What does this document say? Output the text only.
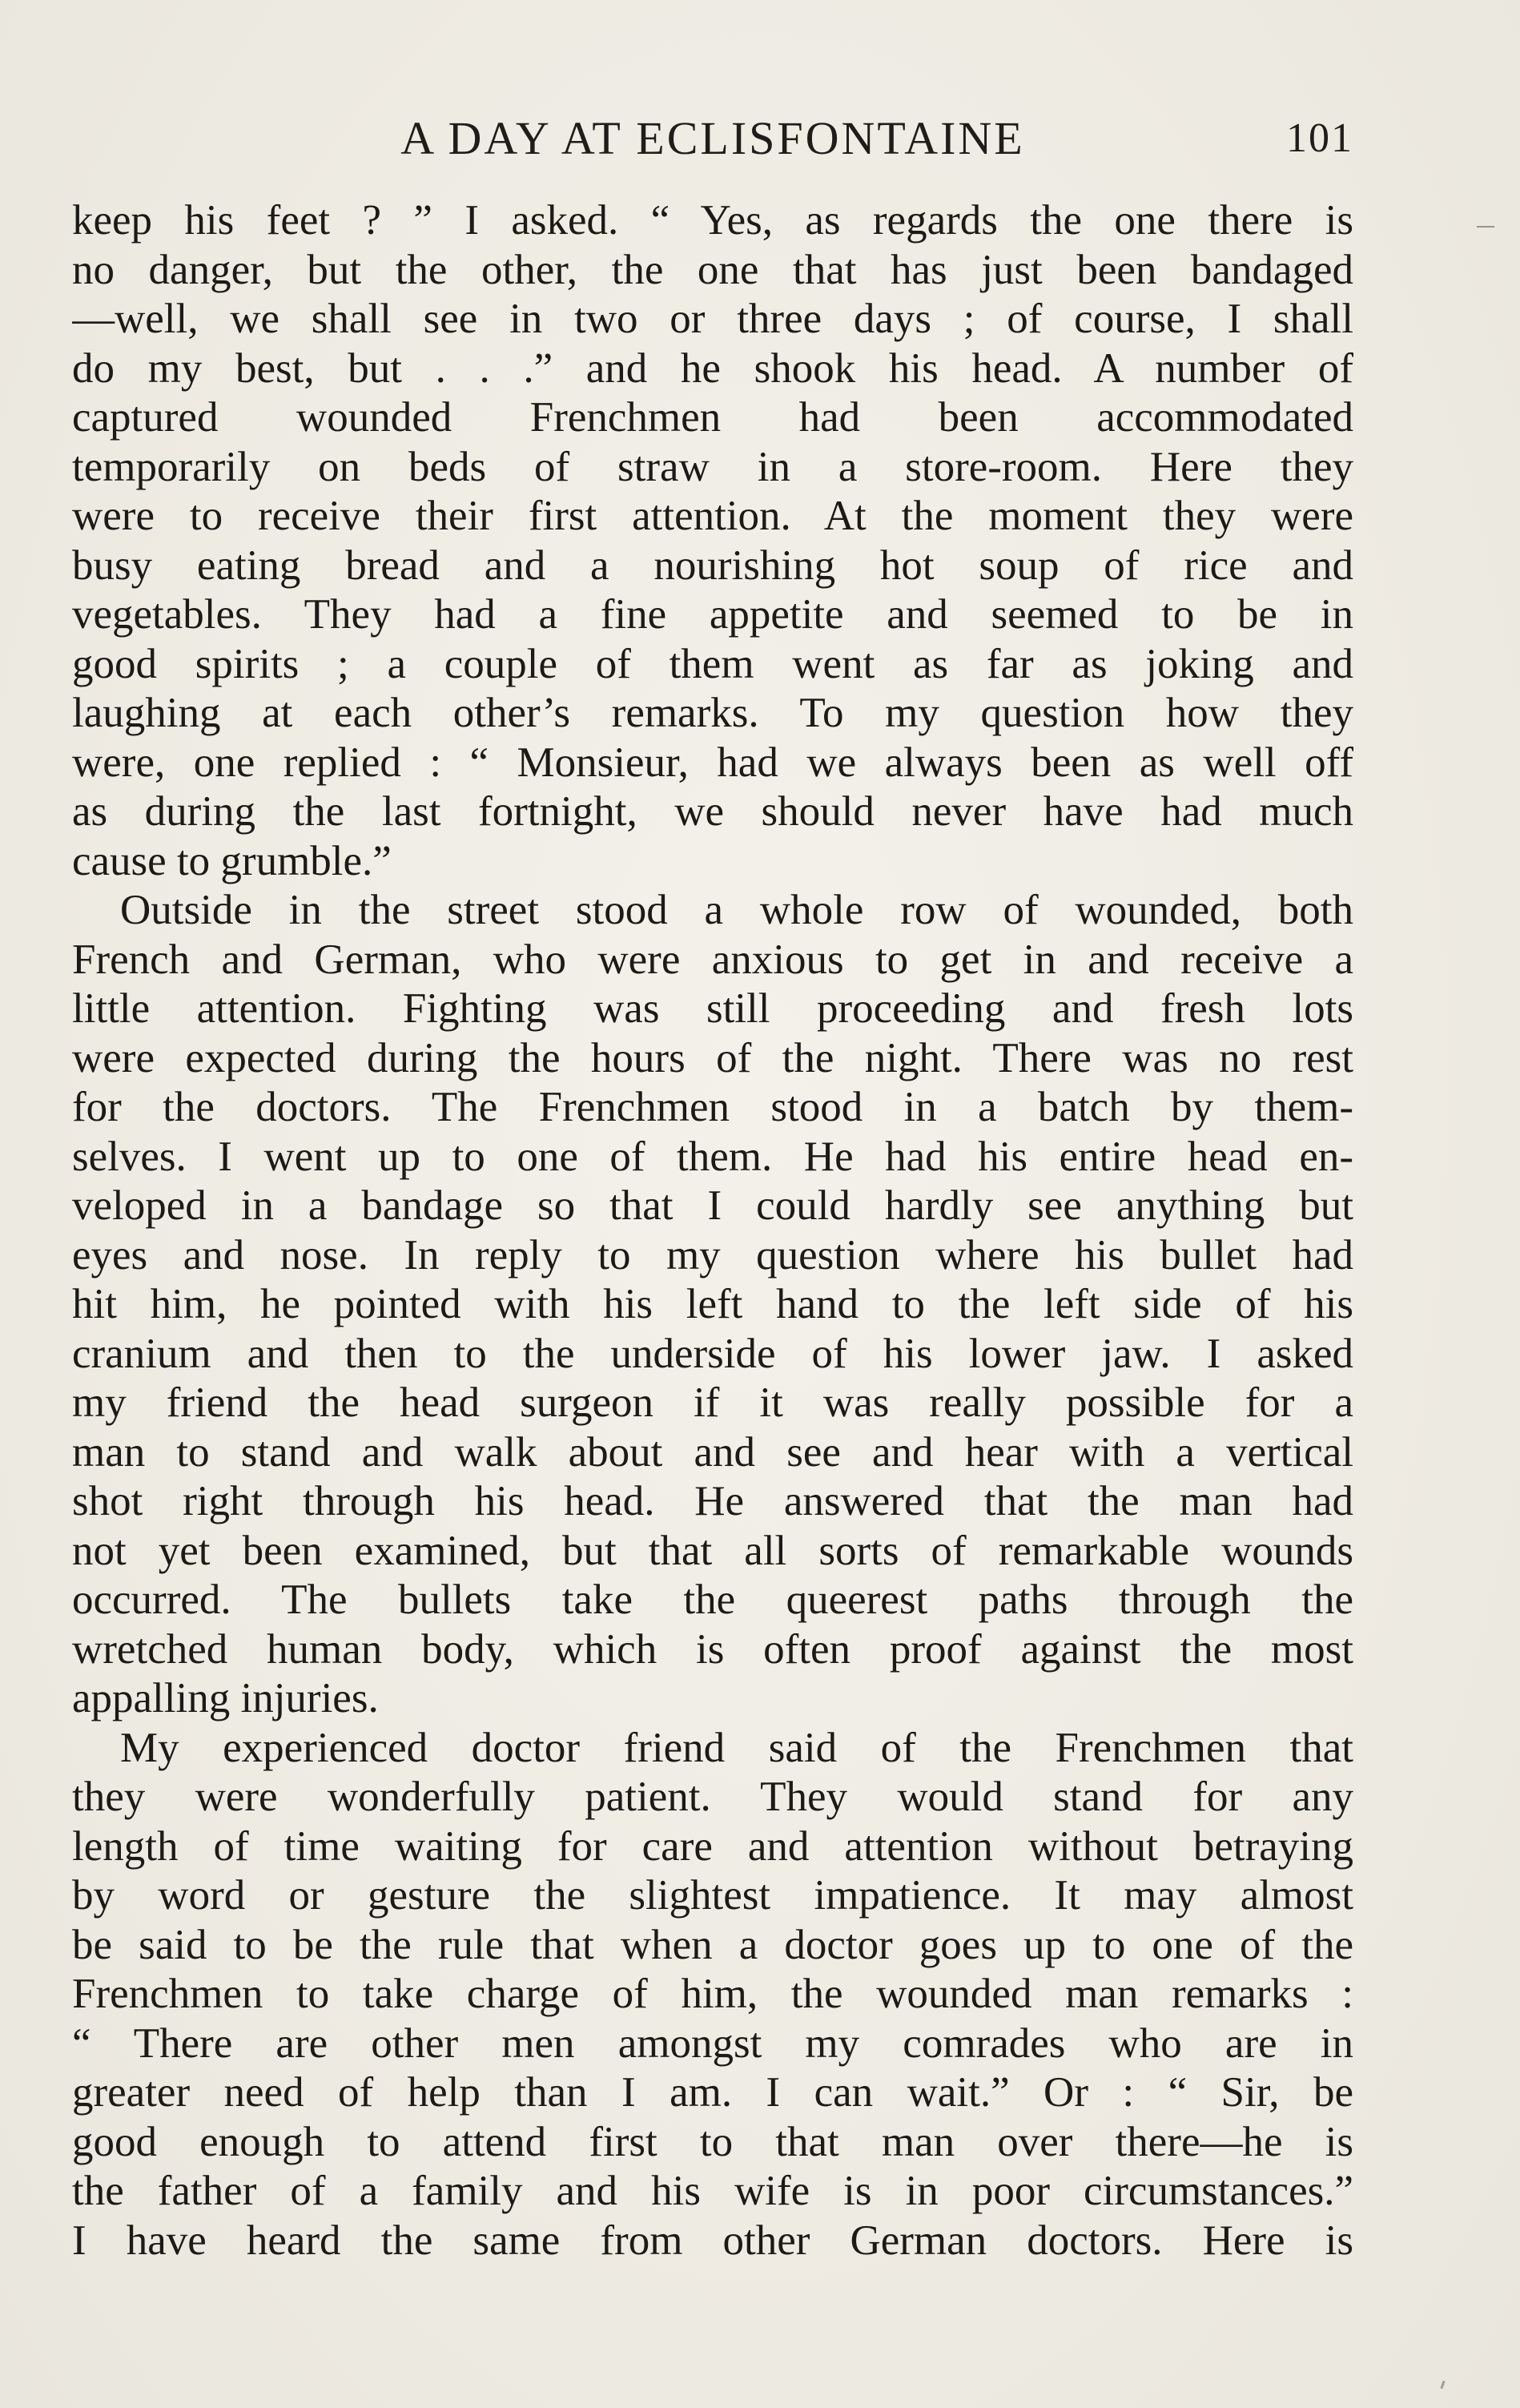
A DAY AT ECLISFONTAINE	101
keep his feet ? ” I asked. “ Yes, as regards the one there is
no danger, but the other, the one that has just been bandaged
—well, we shall see in two or three days ; of course, I shall
do my best, but . . .” and he shook his head. A number of
captured wounded Frenchmen had been accommodated
temporarily on beds of straw in a store-room. Here they
were to receive their first attention. At the moment they were
busy eating bread and a nourishing hot soup of rice and
vegetables. They had a fine appetite and seemed to be in
good spirits ; a couple of them went as far as joking and
laughing at each other’s remarks. To my question how they
were, one replied : “ Monsieur, had we always been as well off
as during the last fortnight, we should never have had much
cause to grumble.”
Outside in the street stood a whole row of wounded, both
French and German, who were anxious to get in and receive a
little attention. Fighting was still proceeding and fresh lots
were expected during the hours of the night. There was no rest
for the doctors. The Frenchmen stood in a batch by them-
selves. I went up to one of them. He had his entire head en-
veloped in a bandage so that I could hardly see anything but
eyes and nose. In reply to my question where his bullet had
hit him, he pointed with his left hand to the left side of his
cranium and then to the underside of his lower jaw. I asked
my friend the head surgeon if it was really possible for a
man to stand and walk about and see and hear with a vertical
shot right through his head. He answered that the man had
not yet been examined, but that all sorts of remarkable wounds
occurred. The bullets take the queerest paths through the
wretched human body, which is often proof against the most
appalling injuries.
My experienced doctor friend said of the Frenchmen that
they were wonderfully patient. They would stand for any
length of time waiting for care and attention without betraying
by word or gesture the slightest impatience. It may almost
be said to be the rule that when a doctor goes up to one of the
Frenchmen to take charge of him, the wounded man remarks :
“ There are other men amongst my comrades who are in
greater need of help than I am. I can wait.” Or : “ Sir, be
good enough to attend first to that man over there—he is
the father of a family and his wife is in poor circumstances.”
I have heard the same from other German doctors. Here is
